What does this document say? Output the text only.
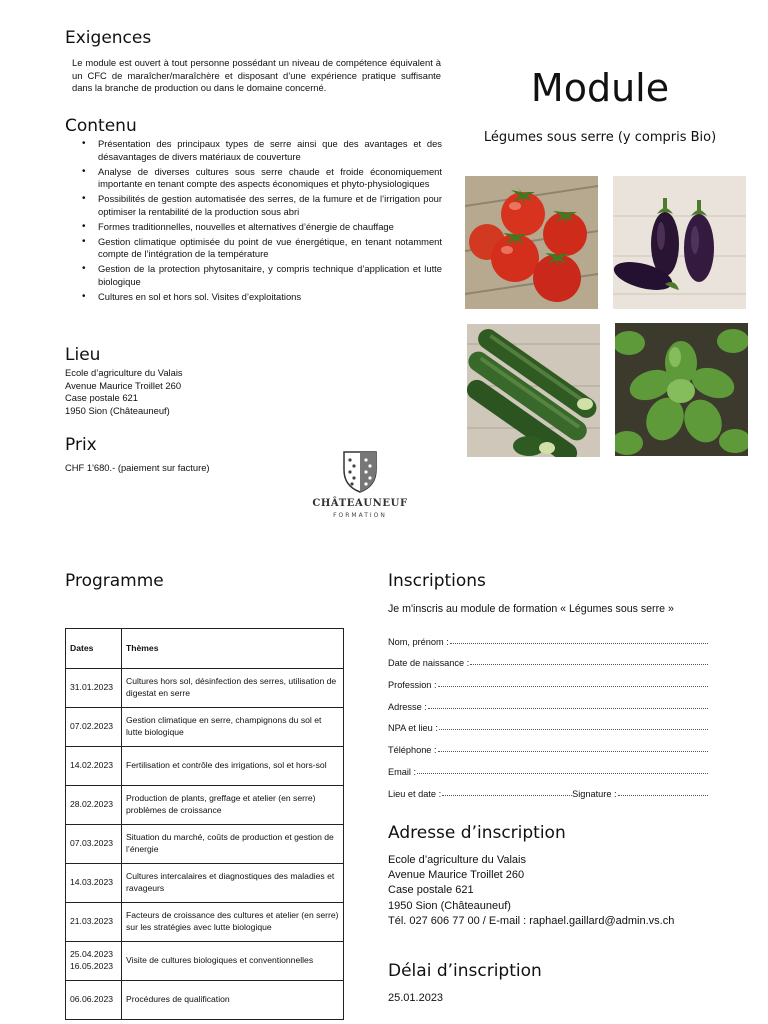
Exigences
Le module est ouvert à tout personne possédant un niveau de compétence équivalent à un CFC de maraîcher/maraîchère et disposant d’une expérience pratique suffisante dans la branche de production ou dans le domaine concerné.
Contenu
• Présentation des principaux types de serre ainsi que des avantages et des désavantages de divers matériaux de couverture
• Analyse de diverses cultures sous serre chaude et froide économiquement importante en tenant compte des aspects économiques et phyto-physiologiques
• Possibilités de gestion automatisée des serres, de la fumure et de l’irrigation pour optimiser la rentabilité de la production sous abri
• Formes traditionnelles, nouvelles et alternatives d’énergie de chauffage
• Gestion climatique optimisée du point de vue énergétique, en tenant notamment compte de l’intégration de la température
• Gestion de la protection phytosanitaire, y compris technique d’application et lutte biologique
• Cultures en sol et hors sol. Visites d’exploitations
Lieu
Ecole d’agriculture du Valais
Avenue Maurice Troillet 260
Case postale 621
1950 Sion (Châteauneuf)
Prix
CHF 1'680.- (paiement sur facture)
Module
Légumes sous serre (y compris Bio)
CHÂTEAUNEUF
FORMATION
Programme
Dates	Thèmes
31.01.2023	Cultures hors sol, désinfection des serres, utilisation de digestat en serre
07.02.2023	Gestion climatique en serre, champignons du sol et lutte biologique
14.02.2023	Fertilisation et contrôle des irrigations, sol et hors-sol
28.02.2023	Production de plants, greffage et atelier (en serre) problèmes de croissance
07.03.2023	Situation du marché, coûts de production et gestion de l’énergie
14.03.2023	Cultures intercalaires et diagnostiques des maladies et ravageurs
21.03.2023	Facteurs de croissance des cultures et atelier (en serre) sur les stratégies avec lutte biologique
25.04.2023
16.05.2023	Visite de cultures biologiques et conventionnelles
06.06.2023	Procédures de qualification
Inscriptions
Je m'inscris au module de formation « Légumes sous serre »
Nom, prénom :
Date de naissance :
Profession :
Adresse :
NPA et lieu :
Téléphone :
Email :
Lieu et date :	Signature :
Adresse d’inscription
Ecole d’agriculture du Valais
Avenue Maurice Troillet 260
Case postale 621
1950 Sion (Châteauneuf)
Tél. 027 606 77 00 / E-mail : raphael.gaillard@admin.vs.ch
Délai d’inscription
25.01.2023
